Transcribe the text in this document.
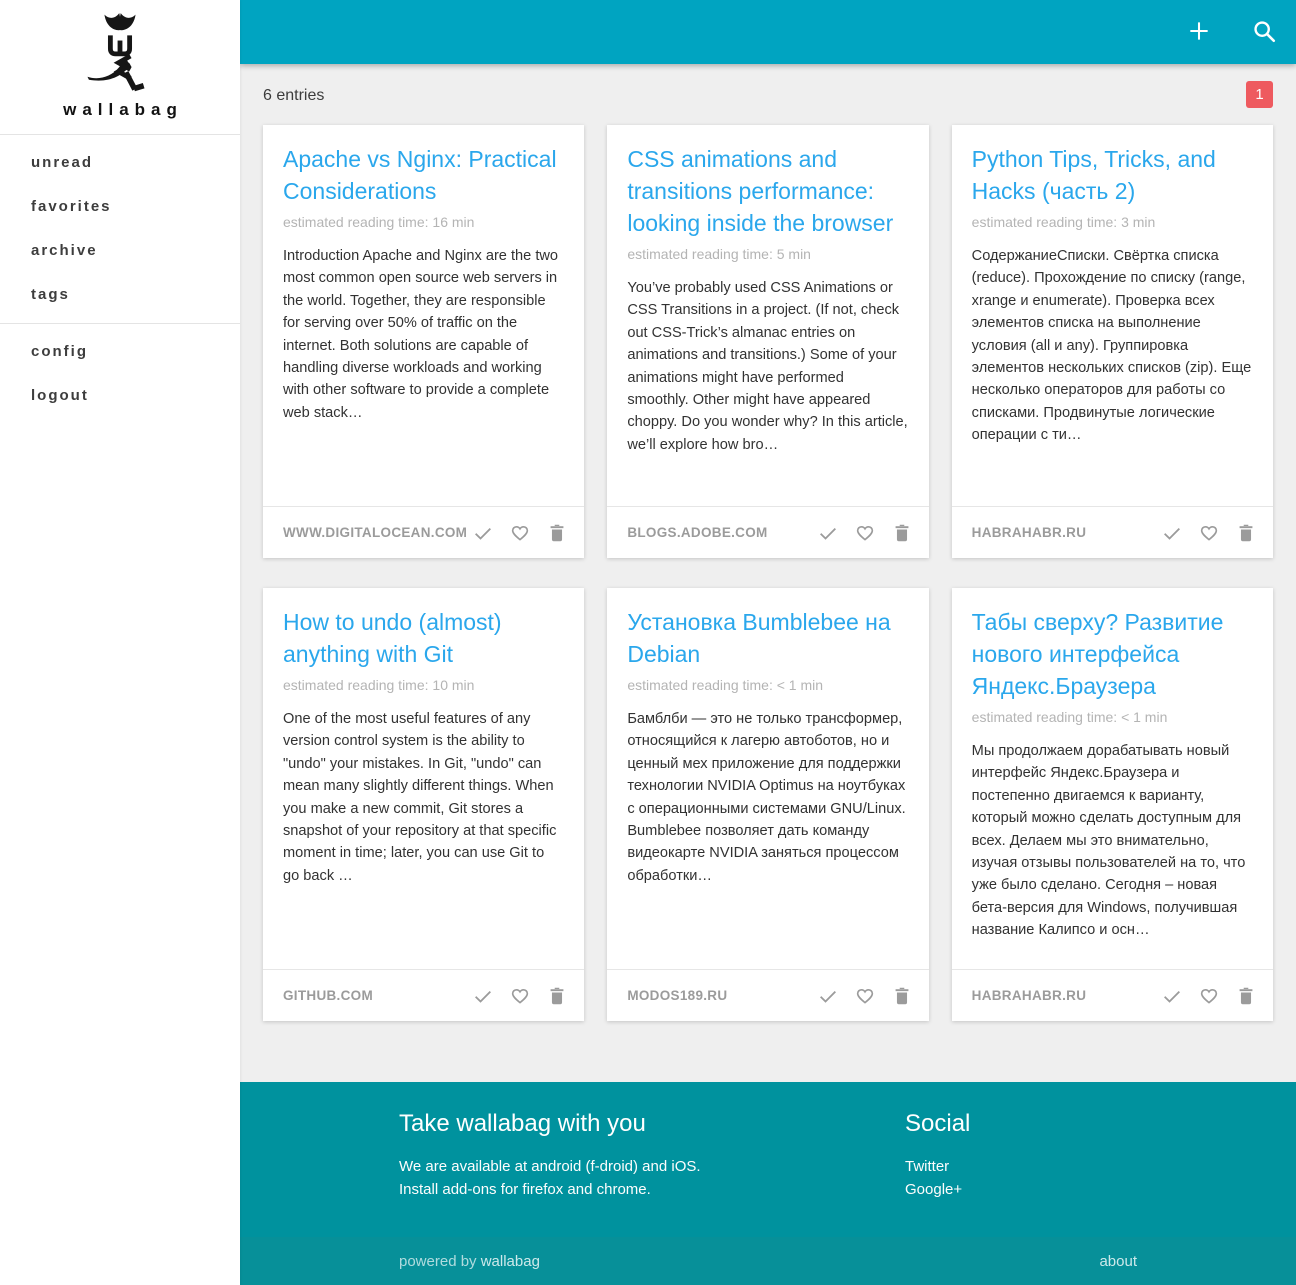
wallabag
unread
favorites
archive
tags
config
logout
6 entries	1
Apache vs Nginx: Practical Considerations
estimated reading time: 16 min

Introduction Apache and Nginx are the two most common open source web servers in the world. Together, they are responsible for serving over 50% of traffic on the internet. Both solutions are capable of handling diverse workloads and working with other software to provide a complete web stack…

WWW.DIGITALOCEAN.COM
CSS animations and transitions performance: looking inside the browser
estimated reading time: 5 min

You’ve probably used CSS Animations or CSS Transitions in a project. (If not, check out CSS-Trick’s almanac entries on animations and transitions.) Some of your animations might have performed smoothly. Other might have appeared choppy. Do you wonder why? In this article, we’ll explore how bro…

BLOGS.ADOBE.COM
Python Tips, Tricks, and Hacks (часть 2)
estimated reading time: 3 min

СодержаниеСписки. Свёртка списка (reduce). Прохождение по списку (range, xrange и enumerate). Проверка всех элементов списка на выполнение условия (all и any). Группировка элементов нескольких списков (zip). Еще несколько операторов для работы со списками. Продвинутые логические операции с ти…

HABRAHABR.RU
How to undo (almost) anything with Git
estimated reading time: 10 min

One of the most useful features of any version control system is the ability to "undo" your mistakes. In Git, "undo" can mean many slightly different things. When you make a new commit, Git stores a snapshot of your repository at that specific moment in time; later, you can use Git to go back …

GITHUB.COM
Установка Bumblebee на Debian
estimated reading time: < 1 min

Бамблби — это не только трансформер, относящийся к лагерю автоботов, но и ценный мех приложение для поддержки технологии NVIDIA Optimus на ноутбуках с операционными системами GNU/Linux. Bumblebee позволяет дать команду видеокарте NVIDIA заняться процессом обработки…

MODOS189.RU
Табы сверху? Развитие нового интерфейса Яндекс.Браузера
estimated reading time: < 1 min

Мы продолжаем дорабатывать новый интерфейс Яндекс.Браузера и постепенно двигаемся к варианту, который можно сделать доступным для всех. Делаем мы это внимательно, изучая отзывы пользователей на то, что уже было сделано. Сегодня – новая бета-версия для Windows, получившая название Калипсо и осн…

HABRAHABR.RU
Take wallabag with you
We are available at android (f-droid) and iOS.
Install add-ons for firefox and chrome.
Social
Twitter
Google+
powered by wallabag	about
